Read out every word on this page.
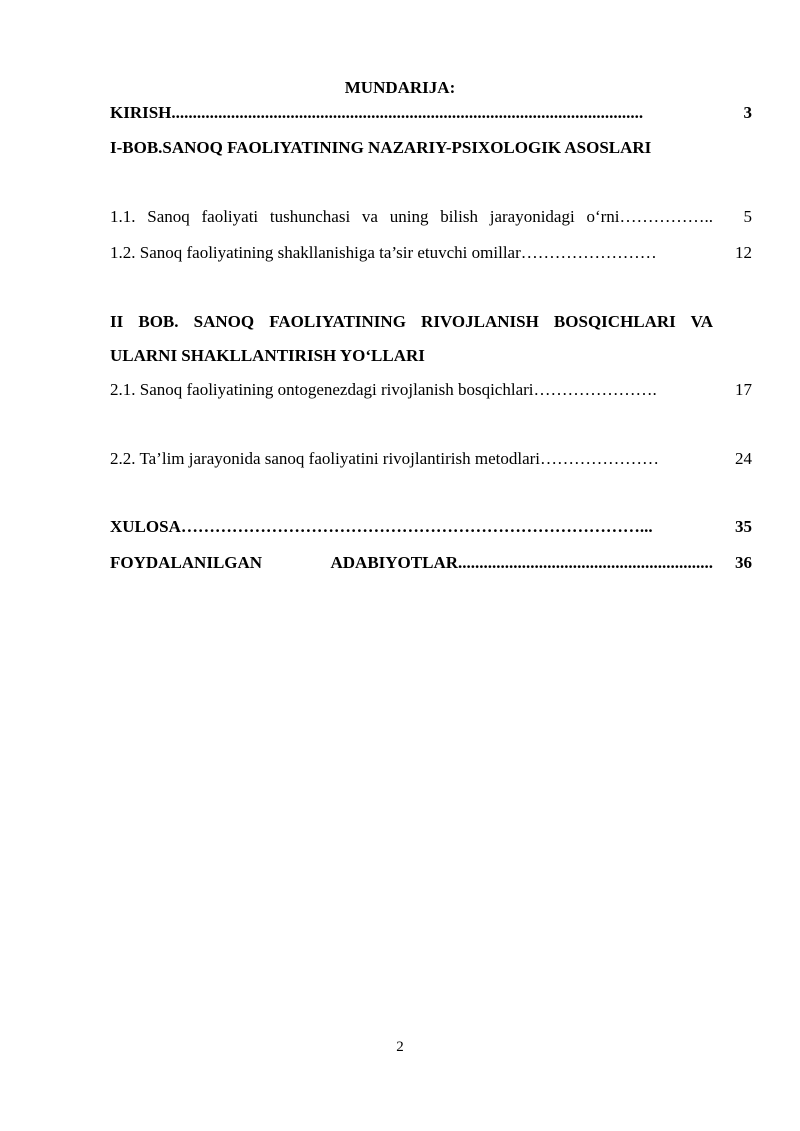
MUNDARIJA:
KIRISH...............................................................................................................	3
I-BOB.SANOQ FAOLIYATINING NAZARIY-PSIXOLOGIK ASOSLARI
1.1. Sanoq faoliyati tushunchasi va uning bilish jarayonidagi o‘rni……………..	5
1.2. Sanoq faoliyatining shakllanishiga ta’sir etuvchi omillar……………………	12
II BOB. SANOQ FAOLIYATINING RIVOJLANISH BOSQICHLARI VA ULARNI SHAKLLANTIRISH YO‘LLARI
2.1. Sanoq faoliyatining ontogenezdagi rivojlanish bosqichlari………………….	17
2.2. Ta’lim jarayonida sanoq faoliyatini rivojlantirish metodlari…………………	24
XULOSA………………………………………………………………………...	35
FOYDALANILGAN ADABIYOTLAR............................................................	36
2
